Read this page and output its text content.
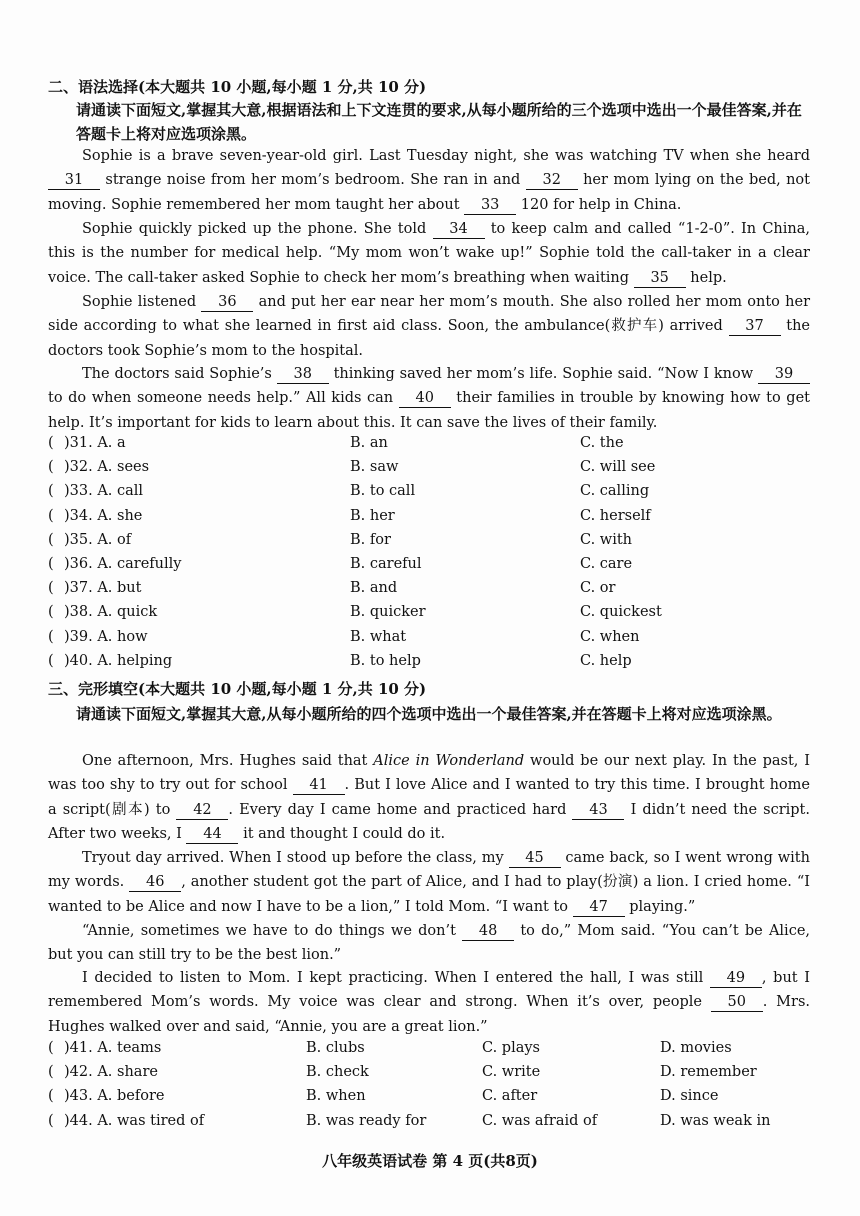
二、语法选择(本大题共 10 小题,每小题 1 分,共 10 分)
请通读下面短文,掌握其大意,根据语法和上下文连贯的要求,从每小题所给的三个选项中选出一个最佳答案,并在答题卡上将对应选项涂黑。
Sophie is a brave seven-year-old girl. Last Tuesday night, she was watching TV when she heard 31 strange noise from her mom’s bedroom. She ran in and 32 her mom lying on the bed, not moving. Sophie remembered her mom taught her about 33 120 for help in China.
Sophie quickly picked up the phone. She told 34 to keep calm and called “1-2-0”. In China, this is the number for medical help. “My mom won’t wake up!” Sophie told the call-taker in a clear voice. The call-taker asked Sophie to check her mom’s breathing when waiting 35 help.
Sophie listened 36 and put her ear near her mom’s mouth. She also rolled her mom onto her side according to what she learned in first aid class. Soon, the ambulance(救护车) arrived 37 the doctors took Sophie’s mom to the hospital.
The doctors said Sophie’s 38 thinking saved her mom’s life. Sophie said. “Now I know 39 to do when someone needs help.” All kids can 40 their families in trouble by knowing how to get help. It’s important for kids to learn about this. It can save the lives of their family.
( )31. A. a	B. an	C. the
( )32. A. sees	B. saw	C. will see
( )33. A. call	B. to call	C. calling
( )34. A. she	B. her	C. herself
( )35. A. of	B. for	C. with
( )36. A. carefully	B. careful	C. care
( )37. A. but	B. and	C. or
( )38. A. quick	B. quicker	C. quickest
( )39. A. how	B. what	C. when
( )40. A. helping	B. to help	C. help
三、完形填空(本大题共 10 小题,每小题 1 分,共 10 分)
请通读下面短文,掌握其大意,从每小题所给的四个选项中选出一个最佳答案,并在答题卡上将对应选项涂黑。
One afternoon, Mrs. Hughes said that Alice in Wonderland would be our next play. In the past, I was too shy to try out for school 41 . But I love Alice and I wanted to try this time. I brought home a script(剧本) to 42 . Every day I came home and practiced hard 43 I didn’t need the script. After two weeks, I 44 it and thought I could do it.
Tryout day arrived. When I stood up before the class, my 45 came back, so I went wrong with my words. 46 , another student got the part of Alice, and I had to play(扮演) a lion. I cried home. “I wanted to be Alice and now I have to be a lion,” I told Mom. “I want to 47 playing.”
“Annie, sometimes we have to do things we don’t 48 to do,” Mom said. “You can’t be Alice, but you can still try to be the best lion.”
I decided to listen to Mom. I kept practicing. When I entered the hall, I was still 49 , but I remembered Mom’s words. My voice was clear and strong. When it’s over, people 50 . Mrs. Hughes walked over and said, “Annie, you are a great lion.”
( )41. A. teams	B. clubs	C. plays	D. movies
( )42. A. share	B. check	C. write	D. remember
( )43. A. before	B. when	C. after	D. since
( )44. A. was tired of	B. was ready for	C. was afraid of	D. was weak in
八年级英语试卷 第 4 页(共8页)
